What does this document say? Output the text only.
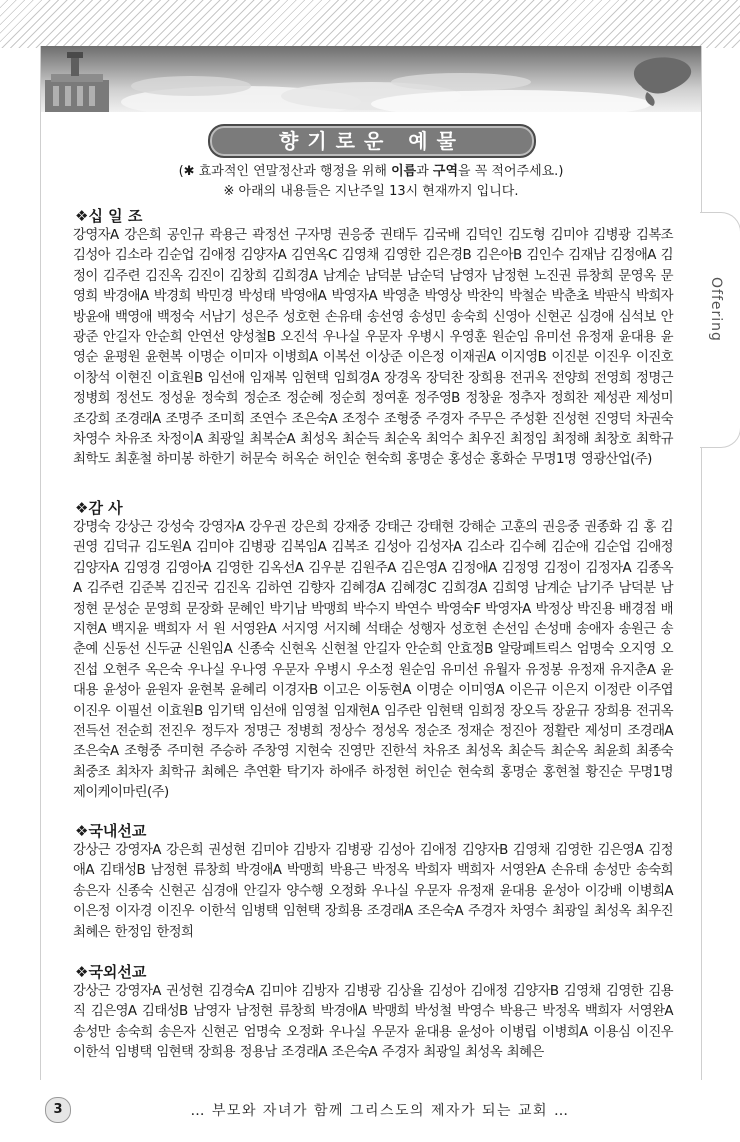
향기로운 예물
(✱ 효과적인 연말정산과 행정을 위해 이름과 구역을 꼭 적어주세요.)
※ 아래의 내용들은 지난주일 13시 현재까지 입니다.
❖십 일 조
강영자A 강은희 공인규 곽용근 곽정선 구자명 권응중 권태두 김국배 김덕인 김도형 김미야 김병광 김복조 김성아 김소라 김순업 김애정 김양자A 김연옥C 김영채 김영한 김은경B 김은아B 김인수 김재남 김정애A 김정이 김주련 김진옥 김진이 김창희 김희경A 남계순 남덕분 남순덕 남영자 남정현 노진권 류창희 문영옥 문영희 박경애A 박경희 박민경 박성태 박영애A 박영자A 박영춘 박영상 박찬익 박철순 박춘초 박판식 박희자 방윤애 백영애 백정숙 서남기 성은주 성호현 손유태 송선영 송성민 송숙희 신영아 신현곤 심경애 심석보 안광준 안길자 안순희 안연선 양성철B 오진석 우나실 우문자 우병시 우영훈 원순임 유미선 유정재 윤대용 윤영순 윤평원 윤현복 이명순 이미자 이병희A 이복선 이상준 이은정 이재권A 이지영B 이진분 이진우 이진호 이창석 이현진 이효원B 임선애 임재복 임현택 임희경A 장경옥 장덕찬 장희용 전귀옥 전양희 전영희 정명근 정병희 정선도 정성윤 정숙희 정순조 정순혜 정순희 정여훈 정주영B 정창윤 정추자 정희찬 제성관 제성미 조강희 조경래A 조명주 조미희 조연수 조은숙A 조정수 조형중 주경자 주무은 주성환 진성현 진영덕 차권숙 차영수 차유조 차정이A 최광일 최복순A 최성옥 최순득 최순옥 최억수 최우진 최정임 최정해 최창호 최학규 최학도 최훈철 하미봉 하한기 허문숙 허옥순 허인순 현숙희 홍명순 홍성순 홍화순 무명1명 영광산업(주)
❖감 사
강명숙 강상근 강성숙 강영자A 강우권 강은희 강재중 강태근 강태현 강해순 고훈의 권응중 권종화 김 홍 김권영 김덕규 김도원A 김미야 김병광 김복임A 김복조 김성아 김성자A 김소라 김수혜 김순애 김순업 김애정 김양자A 김영경 김영아A 김영한 김옥선A 김우분 김원주A 김은영A 김정애A 김정영 김정이 김정자A 김종옥A 김주련 김준복 김진국 김진옥 김하연 김향자 김혜경A 김혜경C 김희경A 김희영 남계순 남기주 남덕분 남정현 문성순 문영희 문장화 문혜인 박기남 박맹희 박수지 박연수 박영숙F 박영자A 박정상 박진용 배경점 배지현A 백지윤 백희자 서 원 서영완A 서지영 서지혜 석태순 성행자 성호현 손선임 손성매 송애자 송원근 송춘예 신동선 신두균 신원임A 신종숙 신현옥 신현철 안길자 안순희 안효정B 알랑폐트릭스 엄명숙 오지영 오진섭 오현주 옥은숙 우나실 우나영 우문자 우병시 우소정 원순임 유미선 유월자 유정봉 유정재 유지춘A 윤대용 윤성아 윤원자 윤현복 윤혜리 이경자B 이고은 이동현A 이명순 이미영A 이은규 이은지 이정란 이주엽 이진우 이필선 이효원B 임기택 임선애 임영철 임재현A 임주란 임현택 임희정 장오득 장윤규 장희용 전귀옥 전득선 전순희 전진우 정두자 정명근 정병희 정상수 정성옥 정순조 정재순 정진아 정활란 제성미 조경래A 조은숙A 조형중 주미현 주승하 주창영 지현숙 진영만 진한석 차유조 최성옥 최순득 최순옥 최윤희 최종숙 최중조 최차자 최학규 최혜은 추연환 탁기자 하애주 하정현 허인순 현숙희 홍명순 홍현철 황진순 무명1명 제이케이마린(주)
❖국내선교
강상근 강영자A 강은희 권성현 김미야 김방자 김병광 김성아 김애정 김양자B 김영채 김영한 김은영A 김정애A 김태성B 남정현 류창희 박경애A 박맹희 박용근 박정옥 박희자 백희자 서영완A 손유태 송성만 송숙희 송은자 신종숙 신현곤 심경애 안길자 양수행 오정화 우나실 우문자 유정재 윤대용 윤성아 이강배 이병희A 이은정 이자경 이진우 이한석 임병택 임현택 장희용 조경래A 조은숙A 주경자 차영수 최광일 최성옥 최우진 최혜은 한정임 한정희
❖국외선교
강상근 강영자A 권성현 김경숙A 김미야 김방자 김병광 김상율 김성아 김애정 김양자B 김영채 김영한 김용직 김은영A 김태성B 남영자 남정현 류창희 박경애A 박맹희 박성철 박영수 박용근 박정옥 백희자 서영완A 송성만 송숙희 송은자 신현곤 엄명숙 오정화 우나실 우문자 윤대용 윤성아 이병립 이병희A 이용심 이진우 이한석 임병택 임현택 장희용 정용남 조경래A 조은숙A 주경자 최광일 최성옥 최혜은
Offering
3	… 부모와 자녀가 함께 그리스도의 제자가 되는 교회 …
